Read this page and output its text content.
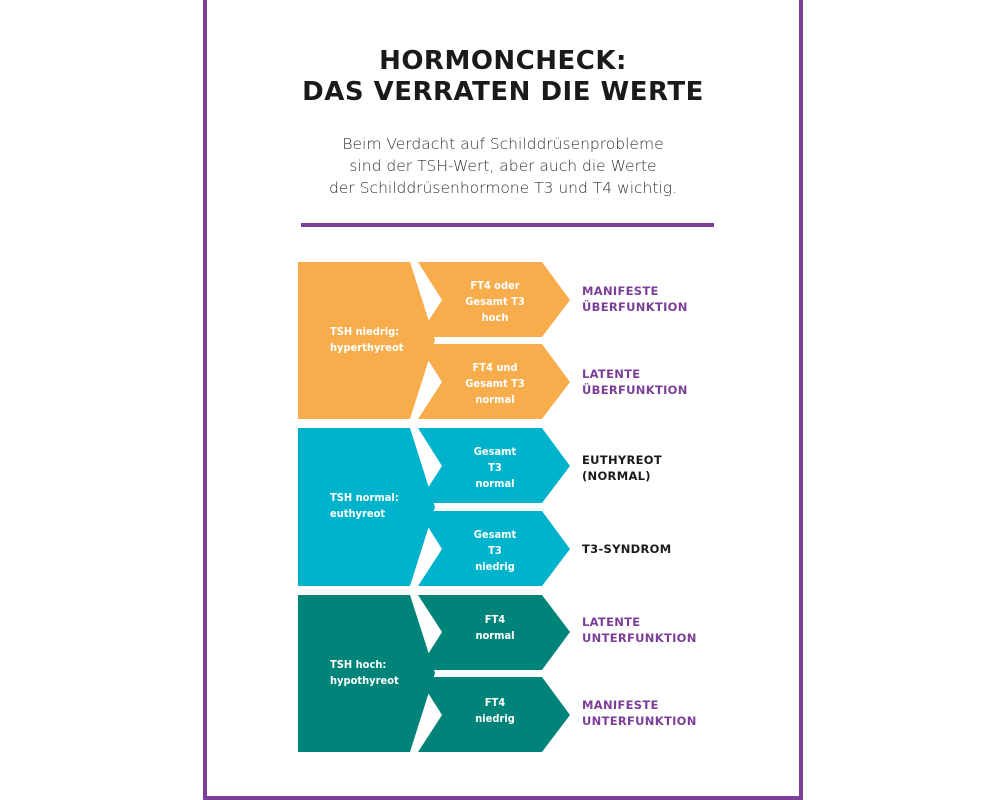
HORMONCHECK:
DAS VERRATEN DIE WERTE
Beim Verdacht auf Schilddrüsenprobleme
sind der TSH-Wert, aber auch die Werte
der Schilddrüsenhormone T3 und T4 wichtig.
TSH niedrig:
hyperthyreot
TSH normal:
euthyreot
TSH hoch:
hypothyreot
FT4 oder
Gesamt T3
hoch
FT4 und
Gesamt T3
normal
Gesamt
T3
normal
Gesamt
T3
niedrig
FT4
normal
FT4
niedrig
MANIFESTE
ÜBERFUNKTION
LATENTE
ÜBERFUNKTION
EUTHYREOT
(NORMAL)
T3-SYNDROM
LATENTE
UNTERFUNKTION
MANIFESTE
UNTERFUNKTION
